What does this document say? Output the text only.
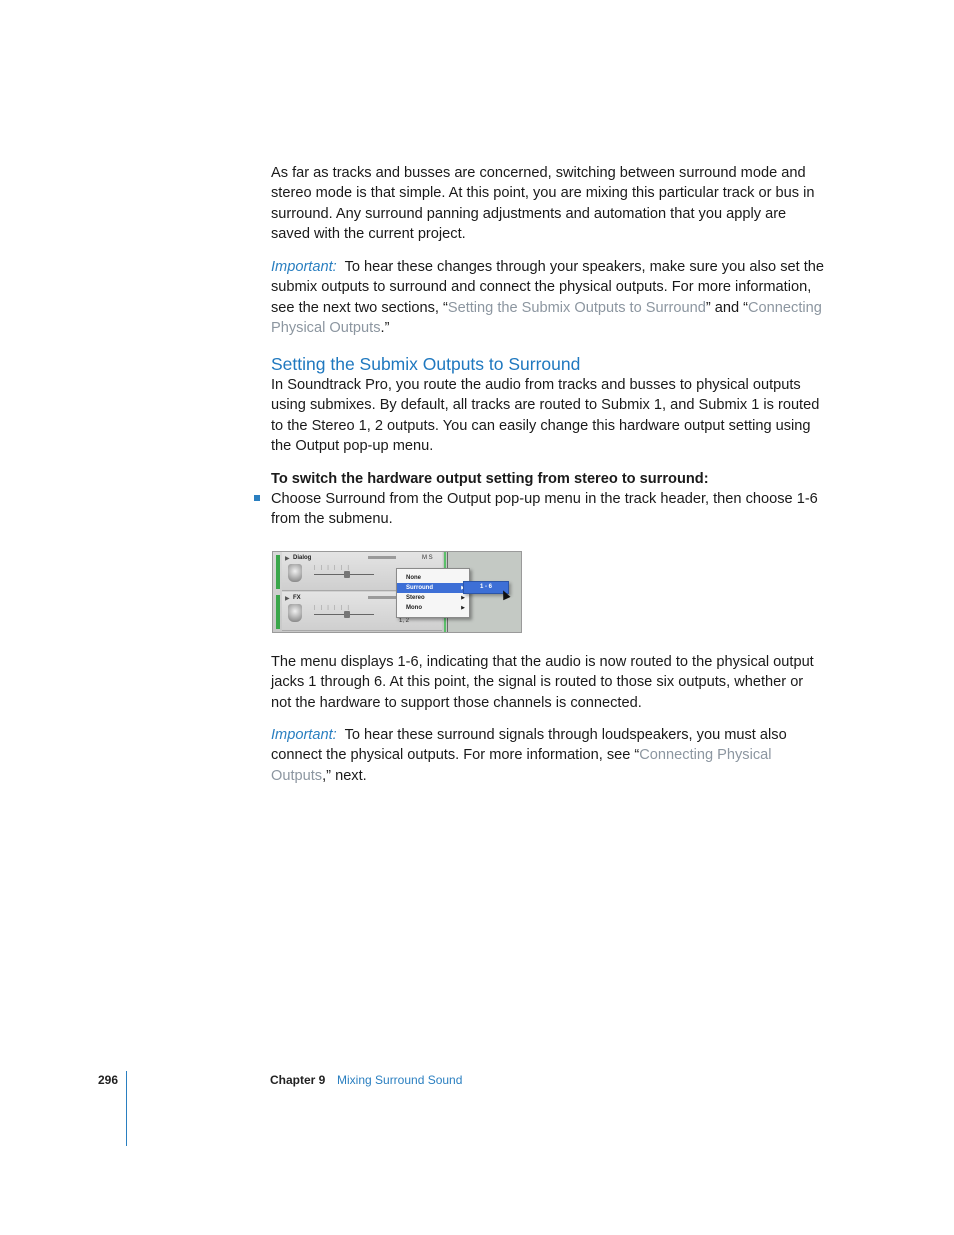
As far as tracks and busses are concerned, switching between surround mode and stereo mode is that simple. At this point, you are mixing this particular track or bus in surround. Any surround panning adjustments and automation that you apply are saved with the current project.

Important: To hear these changes through your speakers, make sure you also set the submix outputs to surround and connect the physical outputs. For more information, see the next two sections, “Setting the Submix Outputs to Surround” and “Connecting Physical Outputs.”

Setting the Submix Outputs to Surround

In Soundtrack Pro, you route the audio from tracks and busses to physical outputs using submixes. By default, all tracks are routed to Submix 1, and Submix 1 is routed to the Stereo 1, 2 outputs. You can easily change this hardware output setting using the Output pop-up menu.

To switch the hardware output setting from stereo to surround:

Choose Surround from the Output pop-up menu in the track header, then choose 1-6 from the submenu.

▶ Dialog	M S
| | | | | |
▶ FX
| | | | | |
1, 2
None
Surround
Stereo	▶
Mono	▶
1 - 6

The menu displays 1-6, indicating that the audio is now routed to the physical output jacks 1 through 6. At this point, the signal is routed to those six outputs, whether or not the hardware to support those channels is connected.

Important: To hear these surround signals through loudspeakers, you must also connect the physical outputs. For more information, see “Connecting Physical Outputs,” next.

296	Chapter 9 Mixing Surround Sound
